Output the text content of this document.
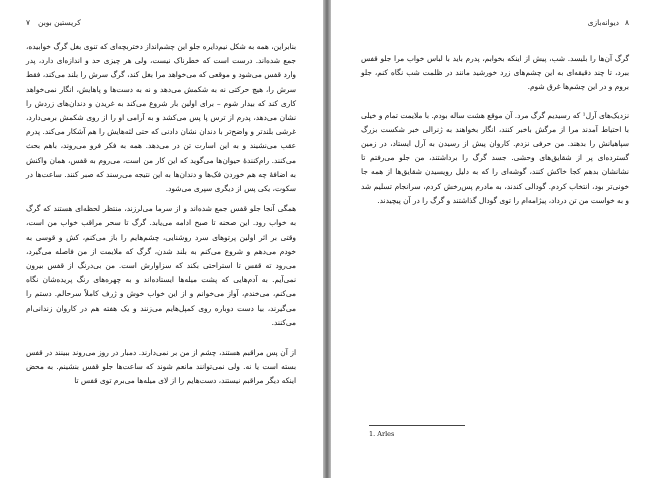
۷ کریستین بوبن

بنابراین، همه به شکل نیم‌دایره جلو این چشم‌انداز دختربچه‌ای که تنوی بغل گرگ خوابیده، جمع شده‌اند. درست است که خطرناک نیست، ولی هر چیزی حد و اندازه‌ای دارد، پدر وارد قفس می‌شود و موقعی که می‌خواهد مرا بغل کند، گرگ سرش را بلند می‌کند، فقط سرش را، هیچ حرکتی نه به شکمش می‌دهد و نه به دست‌ها و پاهایش، انگار نمی‌خواهد کاری کند که بیدار شوم – برای اولین بار شروع می‌کند به غریدن و دندان‌های زردش را نشان می‌دهد، پدرم از ترس پا پس می‌کشد و به آرامی او را از روی شکمش برمی‌دارد، غرشی بلندتر و واضح‌تر با دندان نشان دادنی که حتی لثه‌هایش را هم آشکار می‌کند. پدرم عقب می‌نشیند و به این اسارت تن در می‌دهد. همه به فکر فرو می‌روند، باهم بحث می‌کنند. رام‌کنندهٔ حیوان‌ها می‌گوید که این کار من است، می‌روم به قفس، همان واکنش به اضافهٔ چه هم خوردن فک‌ها و دندان‌ها به این نتیجه می‌رسند که صبر کنند. ساعت‌ها در سکوت، یکی پس از دیگری سپری می‌شود.

همگی آنجا جلو قفس جمع شده‌اند و از سرما می‌لرزند، منتظر لحظه‌ای هستند که گرگ به خواب رود. این صحنه تا صبح ادامه می‌یابد. گرگ تا سحر مراقب خواب من است، وقتی بر اثر اولین پرتوهای سرد روشنایی، چشم‌هایم را باز می‌کنم، کش و قوسی به خودم می‌دهم و شروع می‌کنم به بلند شدن، گرگ که ملایمت از من فاصله می‌گیرد، می‌رود ته قفس تا استراحتی بکند که سزاوارش است. من بی‌درنگ از قفس بیرون نمی‌آیم. به آدم‌هایی که پشت میله‌ها ایستاده‌اند و به چهره‌های رنگ پریده‌شان نگاه می‌کنم، می‌خندم، آواز می‌خوانم و از این خواب خوش و ژرف کاملاً سرحالم. دستم را می‌گیرند، بیا دست دوباره روی کمپل‌هایم می‌زنند و یک هفته هم در کاروان زندانی‌ام می‌کنند.

از آن پس مراقبم هستند، چشم از من بر نمی‌دارند. دمبار در روز می‌روند ببینند در قفس بسته است یا نه. ولی نمی‌توانند مانعم شوند که ساعت‌ها جلو قفس بنشینم. به محض اینکه دیگر مراقبم نیستند، دست‌هایم را از لای میله‌ها می‌برم توی قفس تا

۸
دیوانه‌بازی

گرگ آن‌ها را بلیسد. شب، پیش از اینکه بخوابم، پدرم باید با لباس خواب مرا جلو قفس ببرد، تا چند دقیقه‌ای به این چشم‌های زرد خورشید مانند در ظلمت شب نگاه کنم، جلو بروم و در این چشم‌ها غرق شوم.

نزدیک‌های آرل¹ که رسیدیم گرگ مرد. آن موقع هشت ساله بودم. با ملایمت تمام و خیلی با احتیاط آمدند مرا از مرگش باخبر کنند، انگار بخواهند به ژنرالی خبر شکست بزرگ سپاهیانش را بدهند. من حرفی نزدم. کاروان پیش از رسیدن به آرل ایستاد، در زمین گسترده‌ای پر از شقایق‌های وحشی. جسد گرگ را برداشتند، من جلو می‌رفتم تا نشانشان بدهم کجا خاکش کنند، گوشه‌ای را که به دلیل رویسیدن شقایق‌ها از همه جا خونی‌تر بود، انتخاب کردم. گودالی کندند، به مادرم پس‌رخش کردم، سرانجام تسلیم شد و به خواست من تن درداد، پیژامه‌ام را توی گودال گذاشتند و گرگ را در آن پیچیدند.

1. Arles
